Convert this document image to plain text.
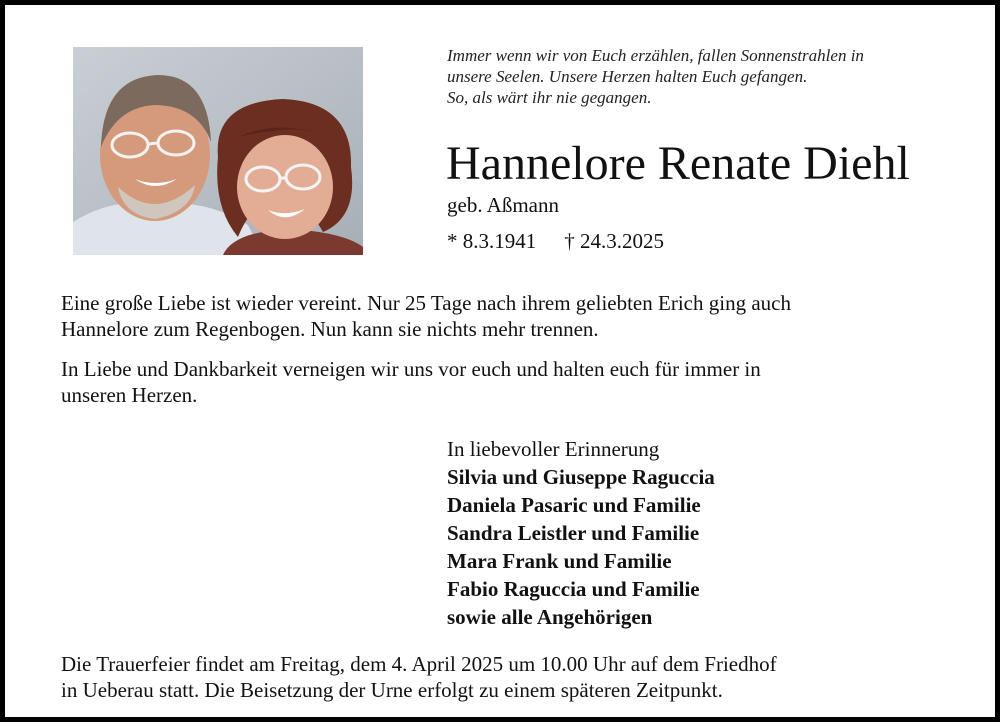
Immer wenn wir von Euch erzählen, fallen Sonnenstrahlen in
unsere Seelen. Unsere Herzen halten Euch gefangen.
So, als wärt ihr nie gegangen.
Hannelore Renate Diehl
geb. Aßmann
* 8.3.1941 † 24.3.2025
Eine große Liebe ist wieder vereint. Nur 25 Tage nach ihrem geliebten Erich ging auch
Hannelore zum Regenbogen. Nun kann sie nichts mehr trennen.
In Liebe und Dankbarkeit verneigen wir uns vor euch und halten euch für immer in
unseren Herzen.
In liebevoller Erinnerung
Silvia und Giuseppe Raguccia
Daniela Pasaric und Familie
Sandra Leistler und Familie
Mara Frank und Familie
Fabio Raguccia und Familie
sowie alle Angehörigen
Die Trauerfeier findet am Freitag, dem 4. April 2025 um 10.00 Uhr auf dem Friedhof
in Ueberau statt. Die Beisetzung der Urne erfolgt zu einem späteren Zeitpunkt.
